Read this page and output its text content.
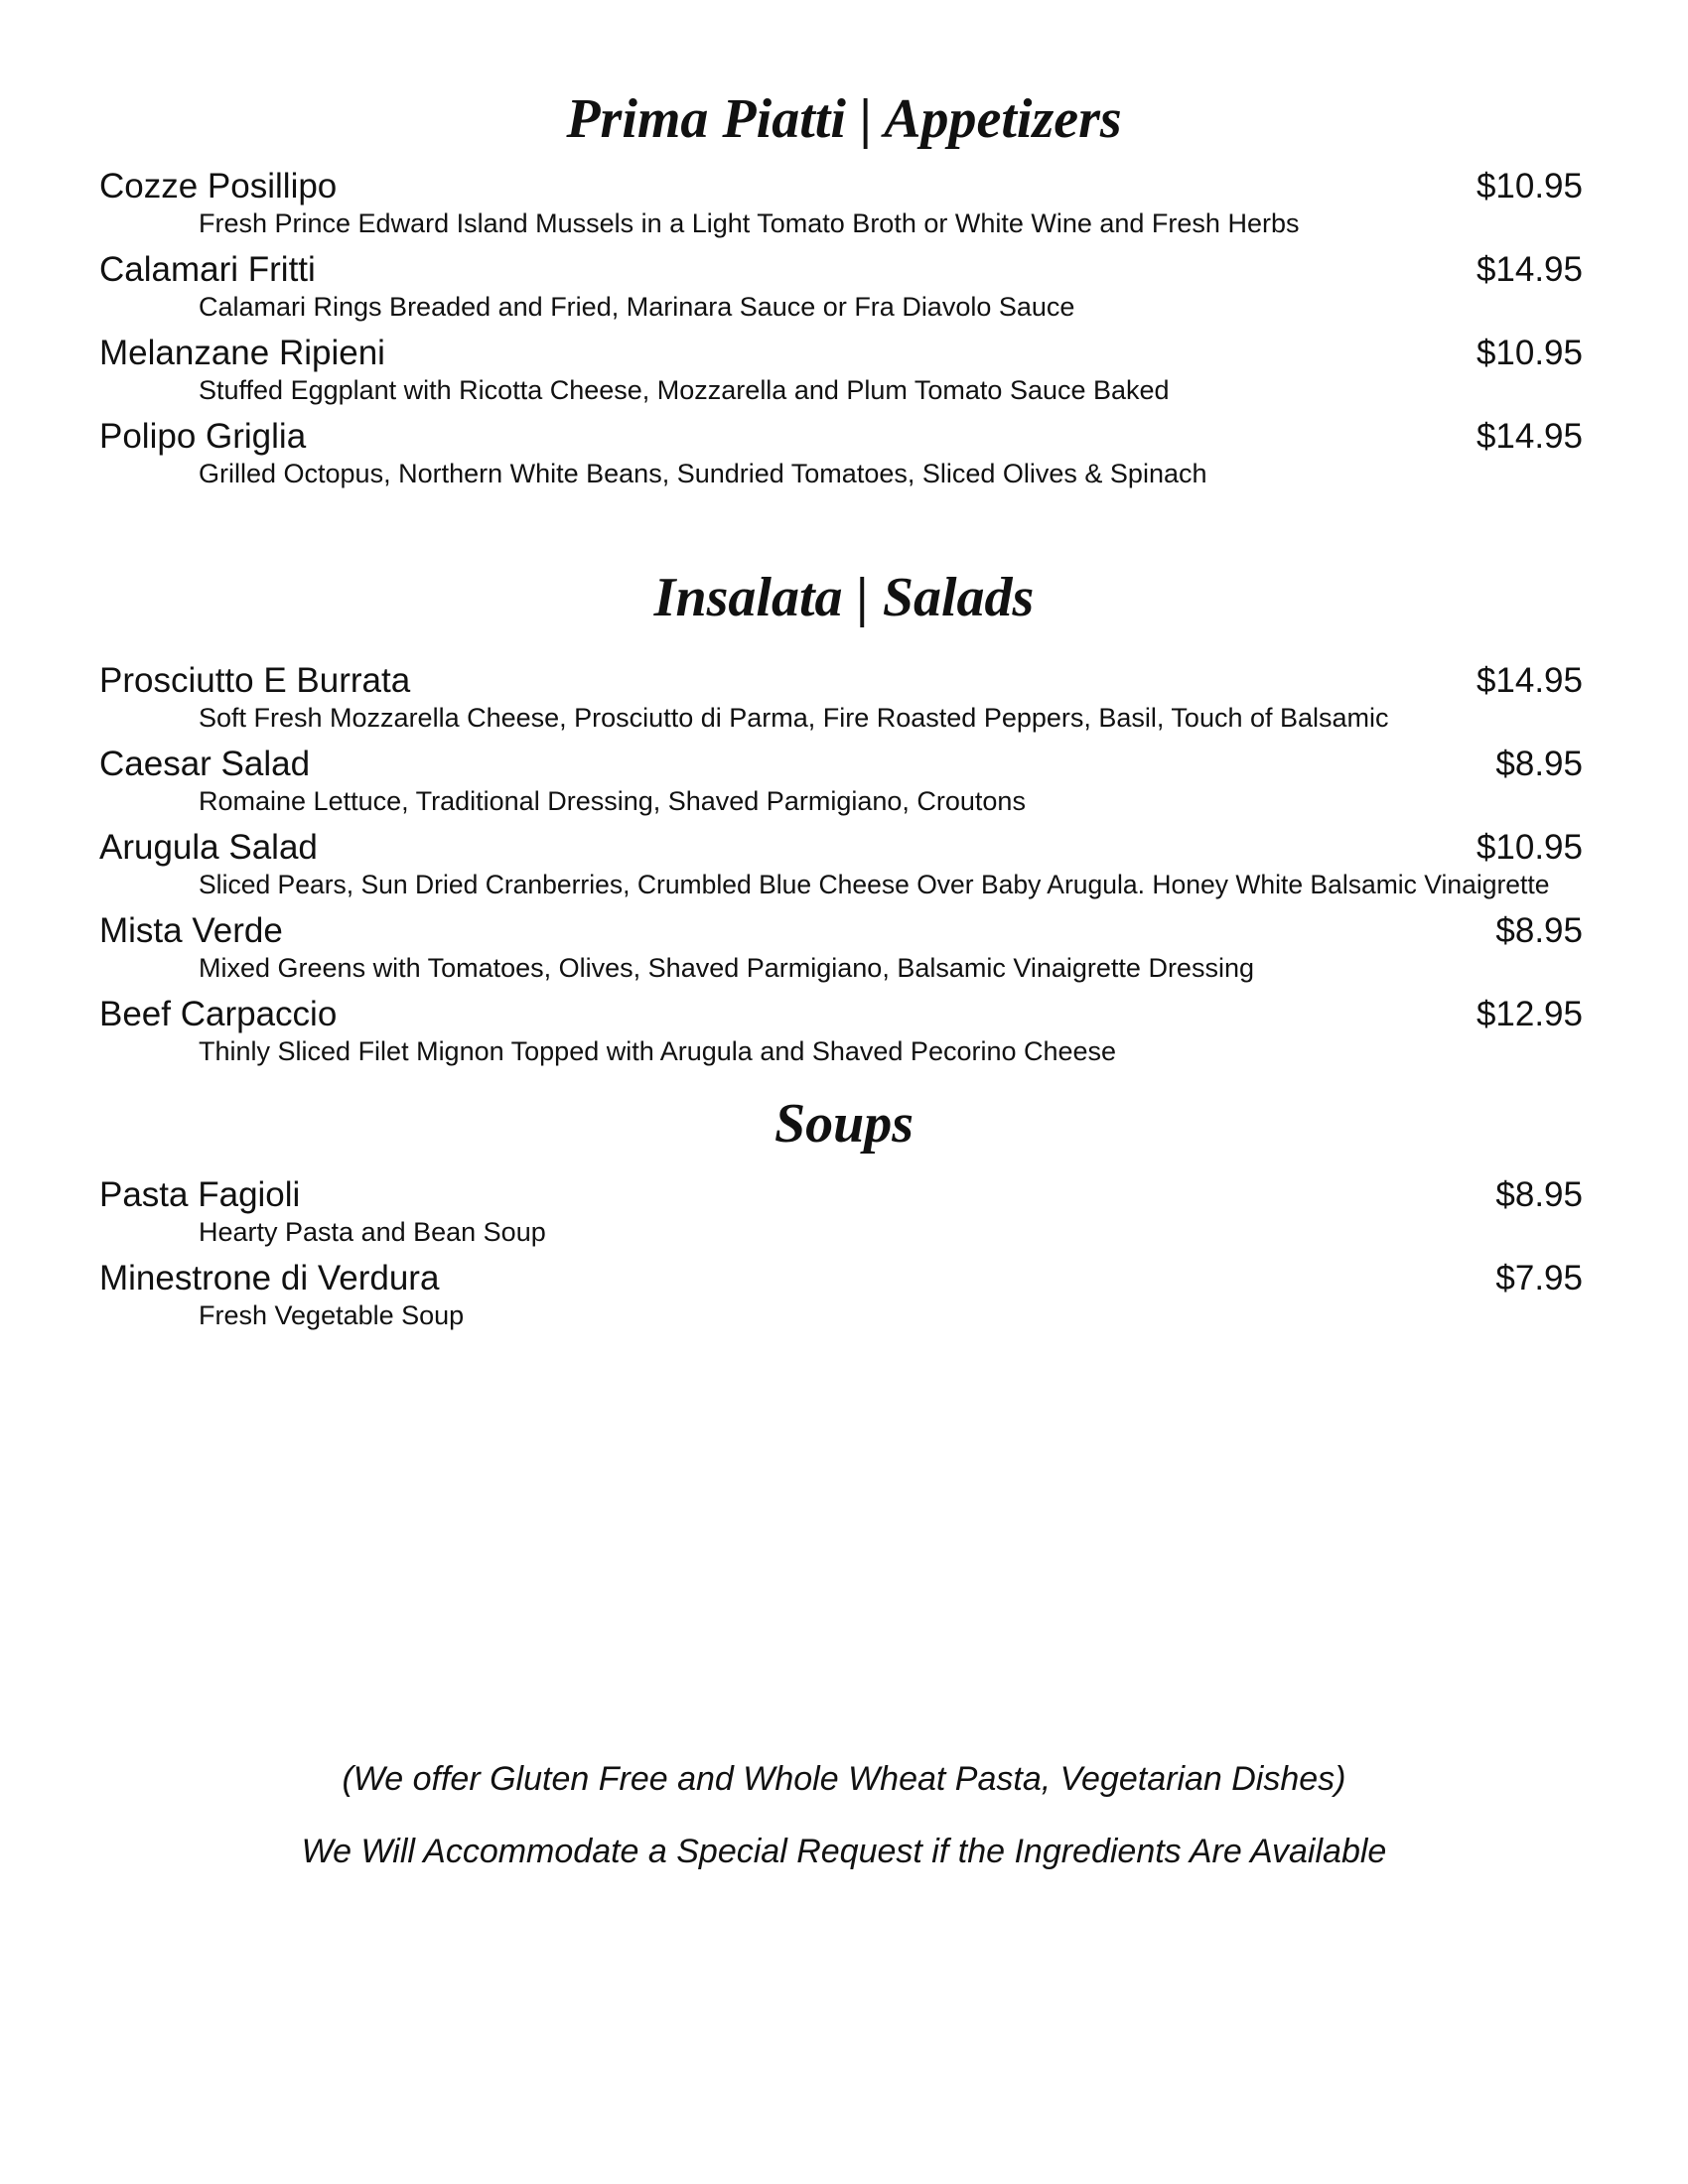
Prima Piatti | Appetizers
Cozze Posillipo	$10.95
Fresh Prince Edward Island Mussels in a Light Tomato Broth or White Wine and Fresh Herbs
Calamari Fritti	$14.95
Calamari Rings Breaded and Fried, Marinara Sauce or Fra Diavolo Sauce
Melanzane Ripieni	$10.95
Stuffed Eggplant with Ricotta Cheese, Mozzarella and Plum Tomato Sauce Baked
Polipo Griglia	$14.95
Grilled Octopus, Northern White Beans, Sundried Tomatoes, Sliced Olives & Spinach
Insalata | Salads
Prosciutto E Burrata	$14.95
Soft Fresh Mozzarella Cheese, Prosciutto di Parma, Fire Roasted Peppers, Basil, Touch of Balsamic
Caesar Salad	$8.95
Romaine Lettuce, Traditional Dressing, Shaved Parmigiano, Croutons
Arugula Salad	$10.95
Sliced Pears, Sun Dried Cranberries, Crumbled Blue Cheese Over Baby Arugula. Honey White Balsamic Vinaigrette
Mista Verde	$8.95
Mixed Greens with Tomatoes, Olives, Shaved Parmigiano, Balsamic Vinaigrette Dressing
Beef Carpaccio	$12.95
Thinly Sliced Filet Mignon Topped with Arugula and Shaved Pecorino Cheese
Soups
Pasta Fagioli	$8.95
Hearty Pasta and Bean Soup
Minestrone di Verdura	$7.95
Fresh Vegetable Soup

(We offer Gluten Free and Whole Wheat Pasta, Vegetarian Dishes)

We Will Accommodate a Special Request if the Ingredients Are Available
